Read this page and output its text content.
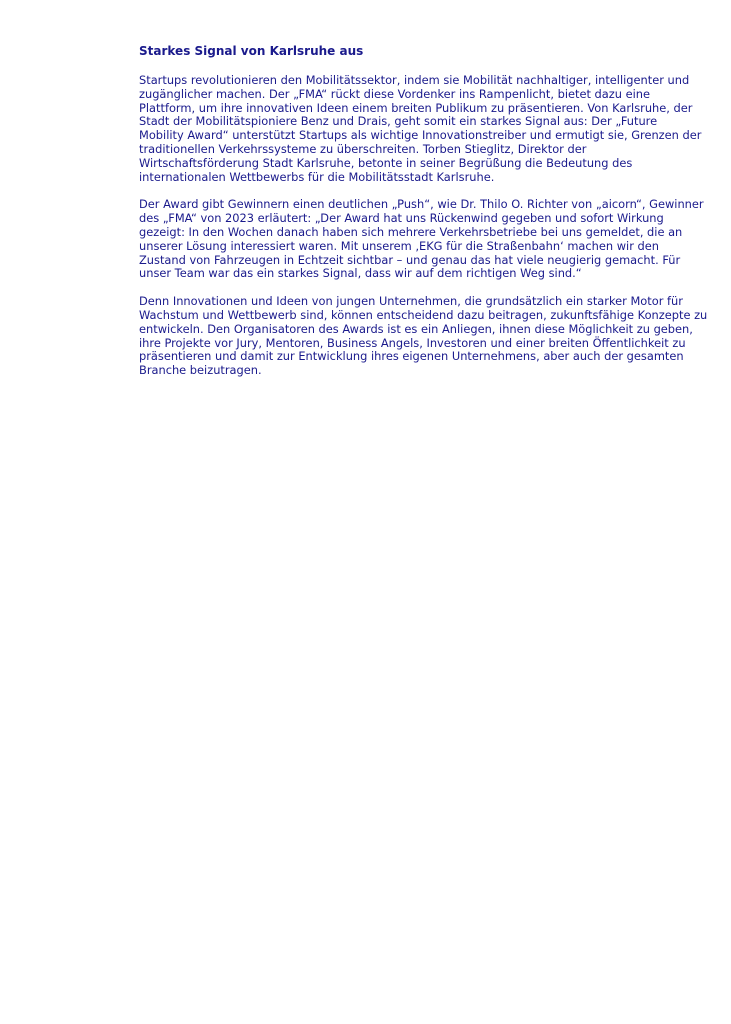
Starkes Signal von Karlsruhe aus

Startups revolutionieren den Mobilitätssektor, indem sie Mobilität nachhaltiger, intelligenter und
zugänglicher machen. Der „FMA“ rückt diese Vordenker ins Rampenlicht, bietet dazu eine
Plattform, um ihre innovativen Ideen einem breiten Publikum zu präsentieren. Von Karlsruhe, der
Stadt der Mobilitätspioniere Benz und Drais, geht somit ein starkes Signal aus: Der „Future
Mobility Award“ unterstützt Startups als wichtige Innovationstreiber und ermutigt sie, Grenzen der
traditionellen Verkehrssysteme zu überschreiten. Torben Stieglitz, Direktor der
Wirtschaftsförderung Stadt Karlsruhe, betonte in seiner Begrüßung die Bedeutung des
internationalen Wettbewerbs für die Mobilitätsstadt Karlsruhe.

Der Award gibt Gewinnern einen deutlichen „Push“, wie Dr. Thilo O. Richter von „aicorn“, Gewinner
des „FMA“ von 2023 erläutert: „Der Award hat uns Rückenwind gegeben und sofort Wirkung
gezeigt: In den Wochen danach haben sich mehrere Verkehrsbetriebe bei uns gemeldet, die an
unserer Lösung interessiert waren. Mit unserem ‚EKG für die Straßenbahn‘ machen wir den
Zustand von Fahrzeugen in Echtzeit sichtbar – und genau das hat viele neugierig gemacht. Für
unser Team war das ein starkes Signal, dass wir auf dem richtigen Weg sind.“

Denn Innovationen und Ideen von jungen Unternehmen, die grundsätzlich ein starker Motor für
Wachstum und Wettbewerb sind, können entscheidend dazu beitragen, zukunftsfähige Konzepte zu
entwickeln. Den Organisatoren des Awards ist es ein Anliegen, ihnen diese Möglichkeit zu geben,
ihre Projekte vor Jury, Mentoren, Business Angels, Investoren und einer breiten Öffentlichkeit zu
präsentieren und damit zur Entwicklung ihres eigenen Unternehmens, aber auch der gesamten
Branche beizutragen.
